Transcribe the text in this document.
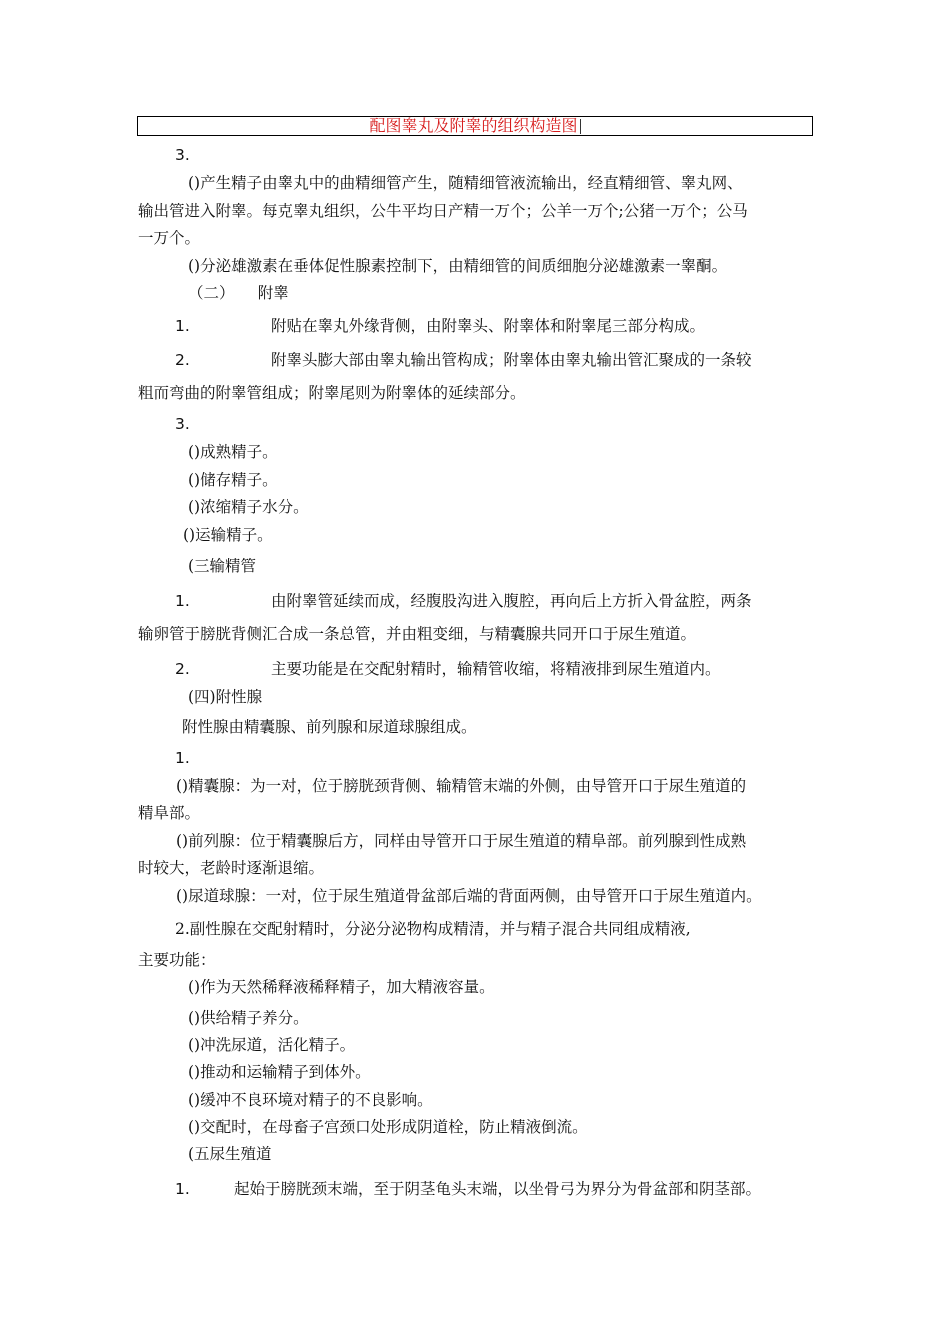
配图睾丸及附睾的组织构造图
3.
()产生精子由睾丸中的曲精细管产生，随精细管液流输出，经直精细管、睾丸网、
输出管进入附睾。每克睾丸组织，公牛平均日产精一万个；公羊一万个;公猪一万个；公马
一万个。
()分泌雄激素在垂体促性腺素控制下，由精细管的间质细胞分泌雄激素一睾酮。
（二）　　附睾
1.	附贴在睾丸外缘背侧，由附睾头、附睾体和附睾尾三部分构成。
2.	附睾头膨大部由睾丸输出管构成；附睾体由睾丸输出管汇聚成的一条较
粗而弯曲的附睾管组成；附睾尾则为附睾体的延续部分。
3.
()成熟精子。
()储存精子。
()浓缩精子水分。
()运输精子。
(三输精管
1.	由附睾管延续而成，经腹股沟进入腹腔，再向后上方折入骨盆腔，两条
输卵管于膀胱背侧汇合成一条总管，并由粗变细，与精囊腺共同开口于尿生殖道。
2.	主要功能是在交配射精时，输精管收缩，将精液排到尿生殖道内。
(四)附性腺
附性腺由精囊腺、前列腺和尿道球腺组成。
1.
()精囊腺：为一对，位于膀胱颈背侧、输精管末端的外侧，由导管开口于尿生殖道的
精阜部。
()前列腺：位于精囊腺后方，同样由导管开口于尿生殖道的精阜部。前列腺到性成熟
时较大，老龄时逐渐退缩。
()尿道球腺：一对，位于尿生殖道骨盆部后端的背面两侧，由导管开口于尿生殖道内。
2.副性腺在交配射精时，分泌分泌物构成精清，并与精子混合共同组成精液,
主要功能：
()作为天然稀释液稀释精子，加大精液容量。
()供给精子养分。
()冲洗尿道，活化精子。
()推动和运输精子到体外。
()缓冲不良环境对精子的不良影响。
()交配时，在母畜子宫颈口处形成阴道栓，防止精液倒流。
(五尿生殖道
1.	起始于膀胱颈末端，至于阴茎龟头末端，以坐骨弓为界分为骨盆部和阴茎部。
